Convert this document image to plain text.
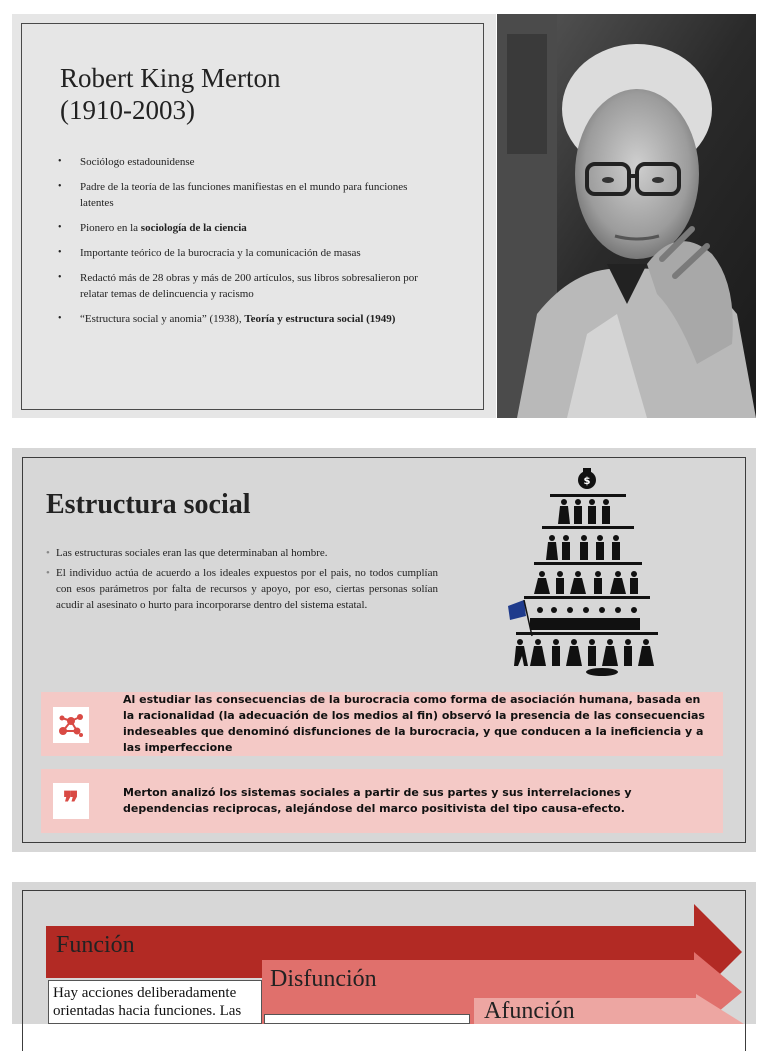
Robert King Merton
(1910-2003)
• Sociólogo estadounidense
• Padre de la teoría de las funciones manifiestas en el mundo para funciones latentes
• Pionero en la sociología de la ciencia
• Importante teórico de la burocracia y la comunicación de masas
• Redactó más de 28 obras y más de 200 artículos, sus libros sobresalieron por relatar temas de delincuencia y racismo
• “Estructura social y anomia” (1938), Teoría y estructura social (1949)
Estructura social
• Las estructuras sociales eran las que determinaban al hombre.
• El individuo actúa de acuerdo a los ideales expuestos por el pais, no todos cumplían con esos parámetros por falta de recursos y apoyo, por eso, ciertas personas solían acudir al asesinato o hurto para incorporarse dentro del sistema estatal.
$
Al estudiar las consecuencias de la burocracia como forma de asociación humana, basada en la racionalidad (la adecuación de los medios al fin) observó la presencia de las consecuencias indeseables que denominó disfunciones de la burocracia, y que conducen a la ineficiencia y a las imperfeccione
❞	Merton analizó los sistemas sociales a partir de sus partes y sus interrelaciones y dependencias reciprocas, alejándose del marco positivista del tipo causa-efecto.
Función
Disfunción
Afunción
Hay acciones deliberadamente orientadas hacia funciones. Las
